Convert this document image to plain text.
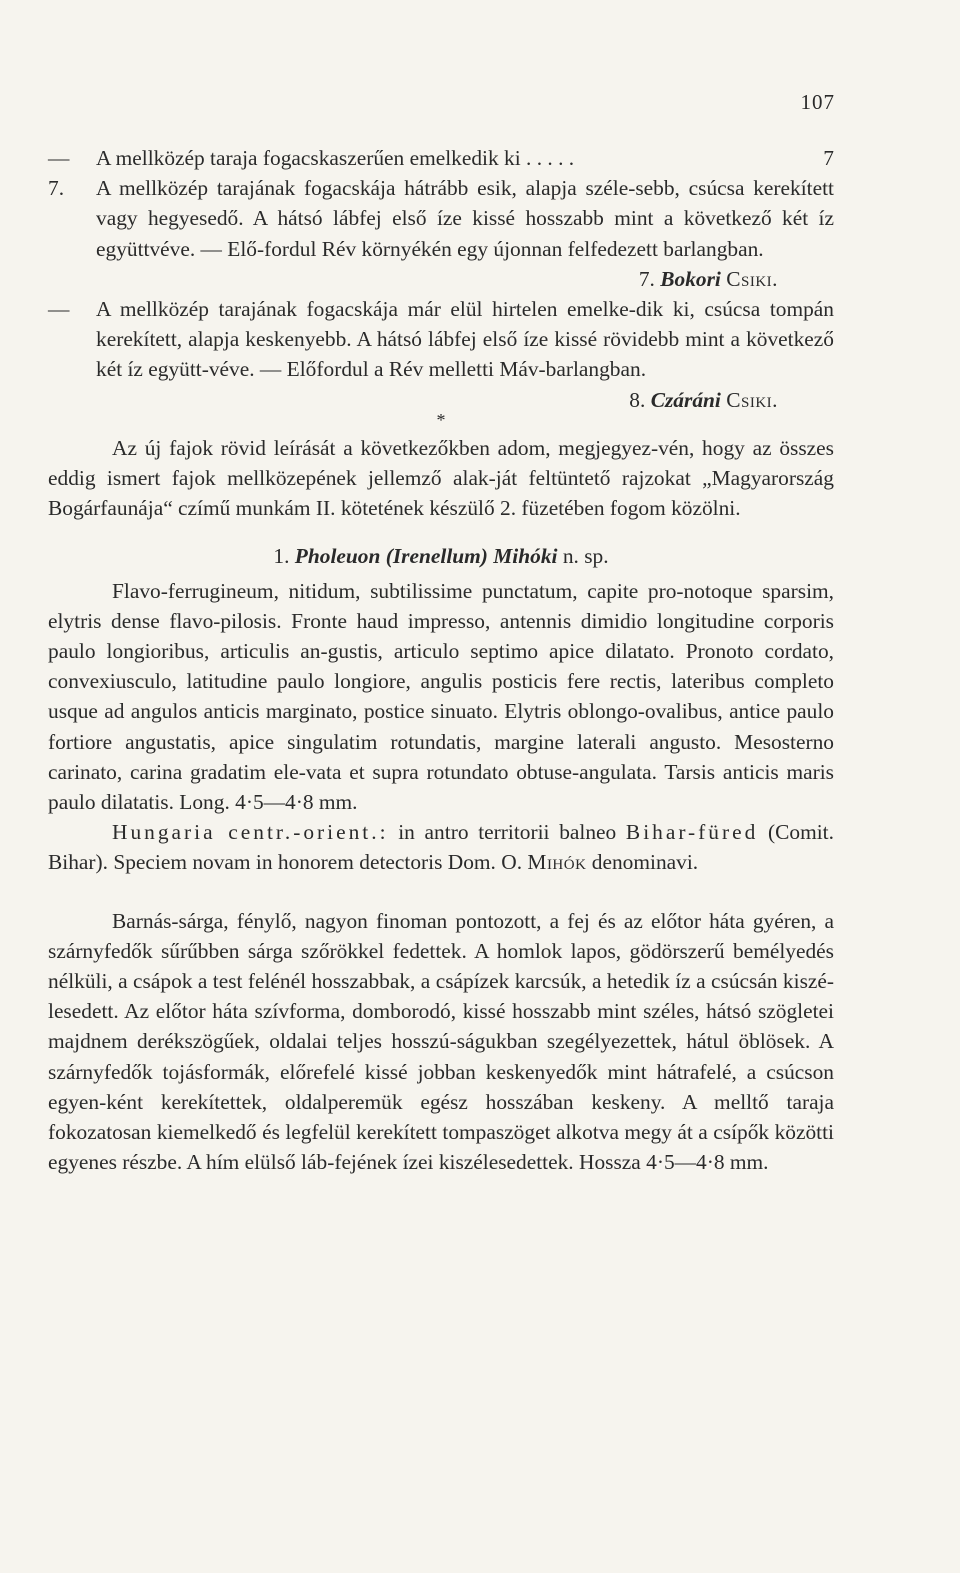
107

—	7
A mellközép taraja fogacskaszerűen emelkedik ki . . . . .

7. A mellközép tarajának fogacskája hátrább esik, alapja széle-sebb, csúcsa kerekített vagy hegyesedő. A hátsó lábfej első íze kissé hosszabb mint a következő két íz együttvéve. — Elő-fordul Rév környékén egy újonnan felfedezett barlangban.

7. Bokori Csiki.

— A mellközép tarajának fogacskája már elül hirtelen emelke-dik ki, csúcsa tompán kerekített, alapja keskenyebb. A hátsó lábfej első íze kissé rövidebb mint a következő két íz együtt-véve. — Előfordul a Rév melletti Máv-barlangban.

8. Czáráni Csiki.

*

Az új fajok rövid leírását a következőkben adom, megjegyez-vén, hogy az összes eddig ismert fajok mellközepének jellemző alak-ját feltüntető rajzokat „Magyarország Bogárfaunája“ czímű munkám II. kötetének készülő 2. füzetében fogom közölni.

1. Pholeuon (Irenellum) Mihóki n. sp.

Flavo-ferrugineum, nitidum, subtilissime punctatum, capite pro-notoque sparsim, elytris dense flavo-pilosis. Fronte haud impresso, antennis dimidio longitudine corporis paulo longioribus, articulis an-gustis, articulo septimo apice dilatato. Pronoto cordato, convexiusculo, latitudine paulo longiore, angulis posticis fere rectis, lateribus completo usque ad angulos anticis marginato, postice sinuato. Elytris oblongo-ovalibus, antice paulo fortiore angustatis, apice singulatim rotundatis, margine laterali angusto. Mesosterno carinato, carina gradatim ele-vata et supra rotundato obtuse-angulata. Tarsis anticis maris paulo dilatatis. Long. 4·5—4·8 mm.

Hungaria centr.-orient.: in antro territorii balneo Bihar-füred (Comit. Bihar). Speciem novam in honorem detectoris Dom. O. Mihók denominavi.

Barnás-sárga, fénylő, nagyon finoman pontozott, a fej és az előtor háta gyéren, a szárnyfedők sűrűbben sárga szőrökkel fedettek. A homlok lapos, gödörszerű bemélyedés nélküli, a csápok a test felénél hosszabbak, a csápízek karcsúk, a hetedik íz a csúcsán kiszé-lesedett. Az előtor háta szívforma, domborodó, kissé hosszabb mint széles, hátsó szögletei majdnem derékszögűek, oldalai teljes hosszú-ságukban szegélyezettek, hátul öblösek. A szárnyfedők tojásformák, előrefelé kissé jobban keskenyedők mint hátrafelé, a csúcson egyen-ként kerekítettek, oldalperemük egész hosszában keskeny. A melltő taraja fokozatosan kiemelkedő és legfelül kerekített tompaszöget alkotva megy át a csípők közötti egyenes részbe. A hím elülső láb-fejének ízei kiszélesedettek. Hossza 4·5—4·8 mm.
